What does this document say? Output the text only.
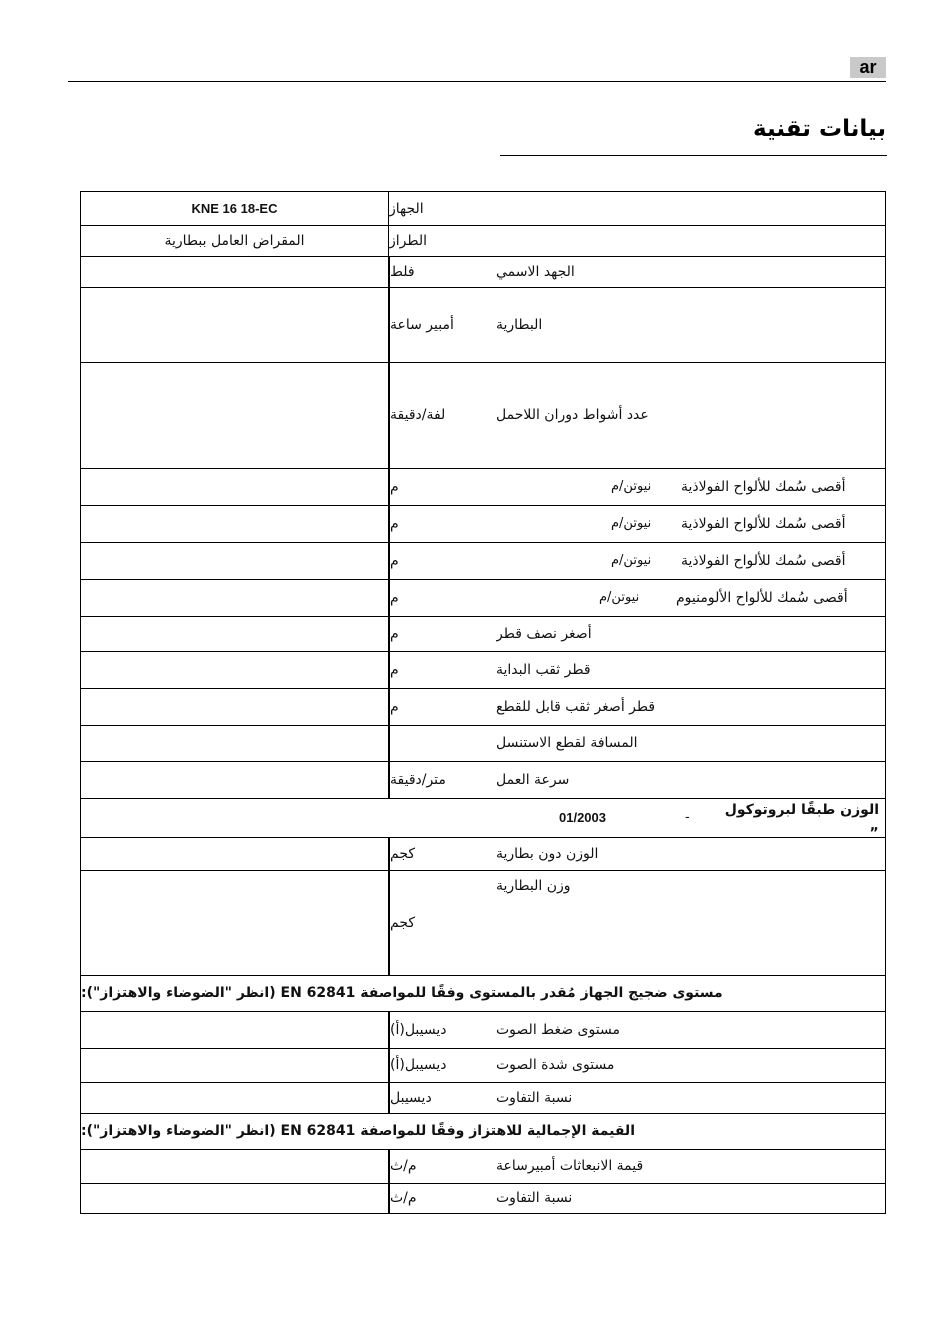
ar
بيانات تقنية
الجهاز
KNE 16 18-EC
الطراز
المقراض العامل ببطارية
الجهد الاسمي
فلط
البطارية
أمبير ساعة
عدد أشواط دوران اللاحمل
لفة/دقيقة
أقصى سُمك للألواح الفولاذية
نيوتن/م
م
أقصى سُمك للألواح الفولاذية
نيوتن/م
م
أقصى سُمك للألواح الفولاذية
نيوتن/م
م
أقصى سُمك للألواح الألومنيوم
نيوتن/م
م
أصغر نصف قطر
م
قطر ثقب البداية
م
قطر أصغر ثقب قابل للقطع
م
المسافة لقطع الاستنسل
سرعة العمل
متر/دقيقة
الوزن طبقًا لبروتوكول „
-
01/2003
الوزن دون بطارية
كجم
وزن البطارية
كجم
مستوى ضجيج الجهاز مُقدر بالمستوى وفقًا للمواصفة EN 62841 (انظر "الضوضاء والاهتزاز"):
مستوى ضغط الصوت
ديسيبل(أ)
مستوى شدة الصوت
ديسيبل(أ)
نسبة التفاوت
ديسيبل
القيمة الإجمالية للاهتزاز وفقًا للمواصفة EN 62841 (انظر "الضوضاء والاهتزاز"):
قيمة الانبعاثات أمبيرساعة
م/ث
نسبة التفاوت
م/ث
